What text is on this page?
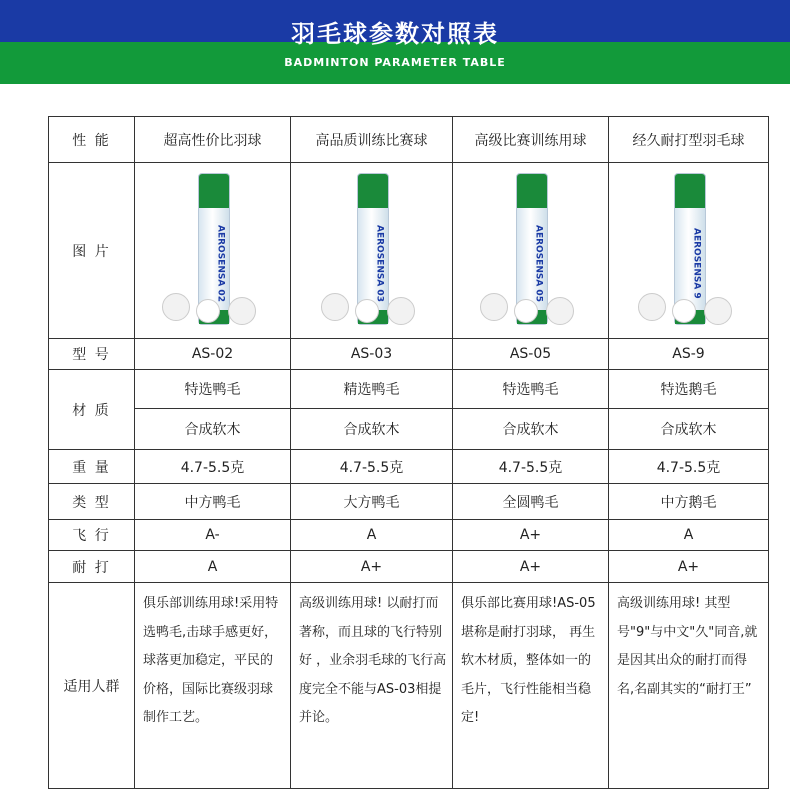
羽毛球参数对照表
BADMINTON PARAMETER TABLE
性 能	超高性价比羽球	高品质训练比赛球	高级比赛训练用球	经久耐打型羽毛球
图 片	AEROSENSA 02	AEROSENSA 03	AEROSENSA 05	AEROSENSA 9

型 号	AS-02	AS-03	AS-05	AS-9
材 质	特选鸭毛	精选鸭毛	特选鸭毛	特选鹅毛
	合成软木	合成软木	合成软木	合成软木
重 量	4.7-5.5克	4.7-5.5克	4.7-5.5克	4.7-5.5克
类 型	中方鸭毛	大方鸭毛	全圆鸭毛	中方鹅毛
飞 行	A-	A	A+	A
耐 打	A	A+	A+	A+
适用人群	俱乐部训练用球!采用特选鸭毛,击球手感更好，球落更加稳定，平民的价格，国际比赛级羽球制作工艺。	高级训练用球! 以耐打而著称，而且球的飞行特别好 ，业余羽毛球的飞行高度完全不能与AS-03相提并论。	俱乐部比赛用球!AS-05堪称是耐打羽球， 再生软木材质，整体如一的毛片，飞行性能相当稳定!	高级训练用球! 其型号"9"与中文"久"同音,就是因其出众的耐打而得名,名副其实的“耐打王”
